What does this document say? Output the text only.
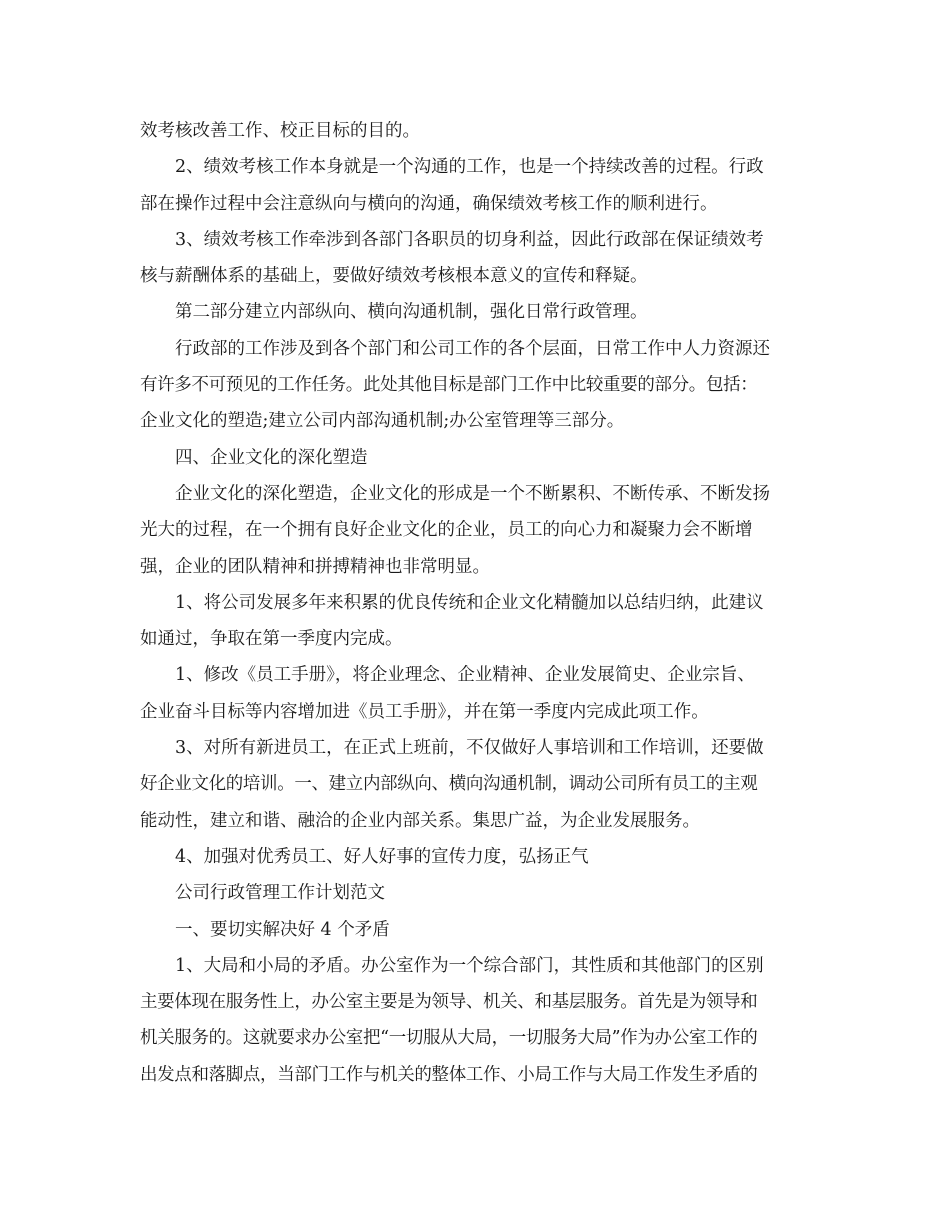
效考核改善工作、校正目标的目的。

2、绩效考核工作本身就是一个沟通的工作，也是一个持续改善的过程。行政

部在操作过程中会注意纵向与横向的沟通，确保绩效考核工作的顺利进行。

3、绩效考核工作牵涉到各部门各职员的切身利益，因此行政部在保证绩效考

核与薪酬体系的基础上，要做好绩效考核根本意义的宣传和释疑。

第二部分建立内部纵向、横向沟通机制，强化日常行政管理。

行政部的工作涉及到各个部门和公司工作的各个层面，日常工作中人力资源还

有许多不可预见的工作任务。此处其他目标是部门工作中比较重要的部分。包括：

企业文化的塑造;建立公司内部沟通机制;办公室管理等三部分。

四、企业文化的深化塑造

企业文化的深化塑造，企业文化的形成是一个不断累积、不断传承、不断发扬

光大的过程，在一个拥有良好企业文化的企业，员工的向心力和凝聚力会不断增

强，企业的团队精神和拼搏精神也非常明显。

1、将公司发展多年来积累的优良传统和企业文化精髓加以总结归纳，此建议

如通过，争取在第一季度内完成。

1、修改《员工手册》，将企业理念、企业精神、企业发展简史、企业宗旨、

企业奋斗目标等内容增加进《员工手册》，并在第一季度内完成此项工作。

3、对所有新进员工，在正式上班前，不仅做好人事培训和工作培训，还要做

好企业文化的培训。一、建立内部纵向、横向沟通机制，调动公司所有员工的主观

能动性，建立和谐、融洽的企业内部关系。集思广益，为企业发展服务。

4、加强对优秀员工、好人好事的宣传力度，弘扬正气

公司行政管理工作计划范文

一、要切实解决好 4 个矛盾

1、大局和小局的矛盾。办公室作为一个综合部门，其性质和其他部门的区别

主要体现在服务性上，办公室主要是为领导、机关、和基层服务。首先是为领导和

机关服务的。这就要求办公室把“一切服从大局，一切服务大局”作为办公室工作的

出发点和落脚点，当部门工作与机关的整体工作、小局工作与大局工作发生矛盾的
